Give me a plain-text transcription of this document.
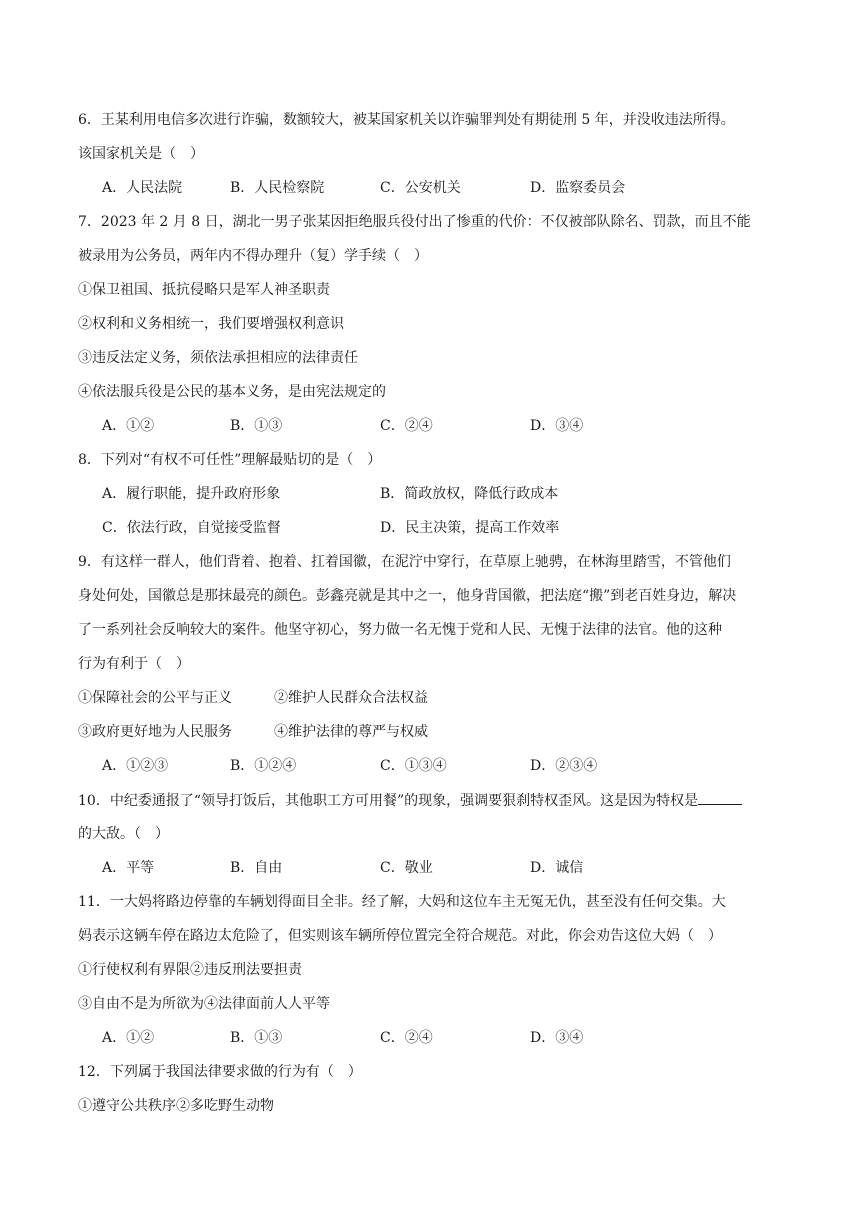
6．王某利用电信多次进行诈骗，数额较大，被某国家机关以诈骗罪判处有期徒刑 5 年，并没收违法所得。
该国家机关是（　）
A．人民法院	B．人民检察院	C．公安机关	D．监察委员会
7．2023 年 2 月 8 日，湖北一男子张某因拒绝服兵役付出了惨重的代价：不仅被部队除名、罚款，而且不能
被录用为公务员，两年内不得办理升（复）学手续（　）
①保卫祖国、抵抗侵略只是军人神圣职责
②权利和义务相统一，我们要增强权利意识
③违反法定义务，须依法承担相应的法律责任
④依法服兵役是公民的基本义务，是由宪法规定的
A．①②	B．①③	C．②④	D．③④
8．下列对“有权不可任性”理解最贴切的是（　）
A．履行职能，提升政府形象	B．简政放权，降低行政成本
C．依法行政，自觉接受监督	D．民主决策，提高工作效率
9．有这样一群人，他们背着、抱着、扛着国徽，在泥泞中穿行，在草原上驰骋，在林海里踏雪，不管他们
身处何处，国徽总是那抹最亮的颜色。彭鑫亮就是其中之一，他身背国徽，把法庭“搬”到老百姓身边，解决
了一系列社会反响较大的案件。他坚守初心，努力做一名无愧于党和人民、无愧于法律的法官。他的这种
行为有利于（　）
①保障社会的公平与正义	②维护人民群众合法权益
③政府更好地为人民服务	④维护法律的尊严与权威
A．①②③	B．①②④	C．①③④	D．②③④
10．中纪委通报了“领导打饭后，其他职工方可用餐”的现象，强调要狠刹特权歪风。这是因为特权是
的大敌。（　）
A．平等	B．自由	C．敬业	D．诚信
11．一大妈将路边停靠的车辆划得面目全非。经了解，大妈和这位车主无冤无仇，甚至没有任何交集。大
妈表示这辆车停在路边太危险了，但实则该车辆所停位置完全符合规范。对此，你会劝告这位大妈（　）
①行使权利有界限②违反刑法要担责
③自由不是为所欲为④法律面前人人平等
A．①②	B．①③	C．②④	D．③④
12．下列属于我国法律要求做的行为有（　）
①遵守公共秩序②多吃野生动物
